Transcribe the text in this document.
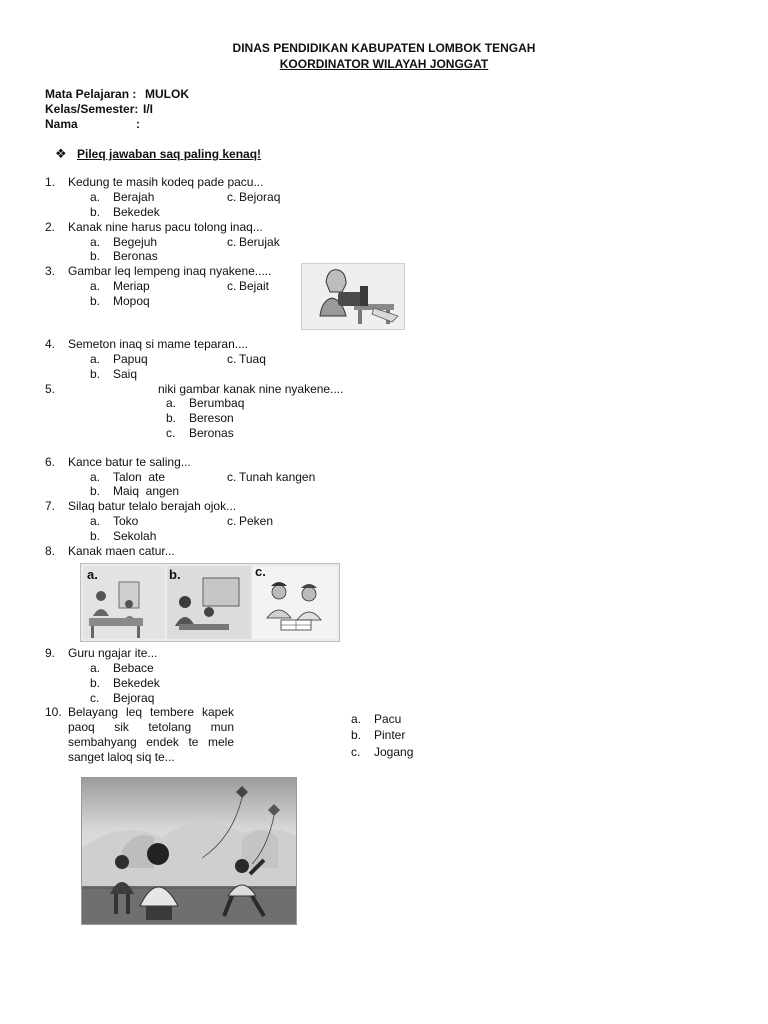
DINAS PENDIDIKAN KABUPATEN LOMBOK TENGAH
KOORDINATOR WILAYAH JONGGAT
Mata Pelajaran : MULOK
Kelas/Semester: I/I
Nama	:
❖ Pileq jawaban saq paling kenaq!
1. Kedung te masih kodeq pade pacu...
a. Berajah	c. Bejoraq
b. Bekedek
2. Kanak nine harus pacu tolong inaq...
a. Begejuh	c. Berujak
b. Beronas
3. Gambar leq lempeng inaq nyakene.....
a. Meriap	c. Bejait
b. Mopoq
4. Semeton inaq si mame teparan....
a. Papuq	c. Tuaq
b. Saiq
5.	niki gambar kanak nine nyakene....
a. Berumbaq
b. Bereson
c. Beronas
6. Kance batur te saling...
a. Talon  ate	c. Tunah kangen
b. Maiq  angen
7. Silaq batur telalo berajah ojok...
a. Toko	c. Peken
b. Sekolah
8. Kanak maen catur...
a.	b.	c.
9. Guru ngajar ite...
a. Bebace
b. Bekedek
c. Bejoraq
10. Belayang leq tembere kapek
paoq sik tetolang mun
sembahyang endek te mele
sanget laloq siq te...
a. Pacu
b. Pinter
c. Jogang
